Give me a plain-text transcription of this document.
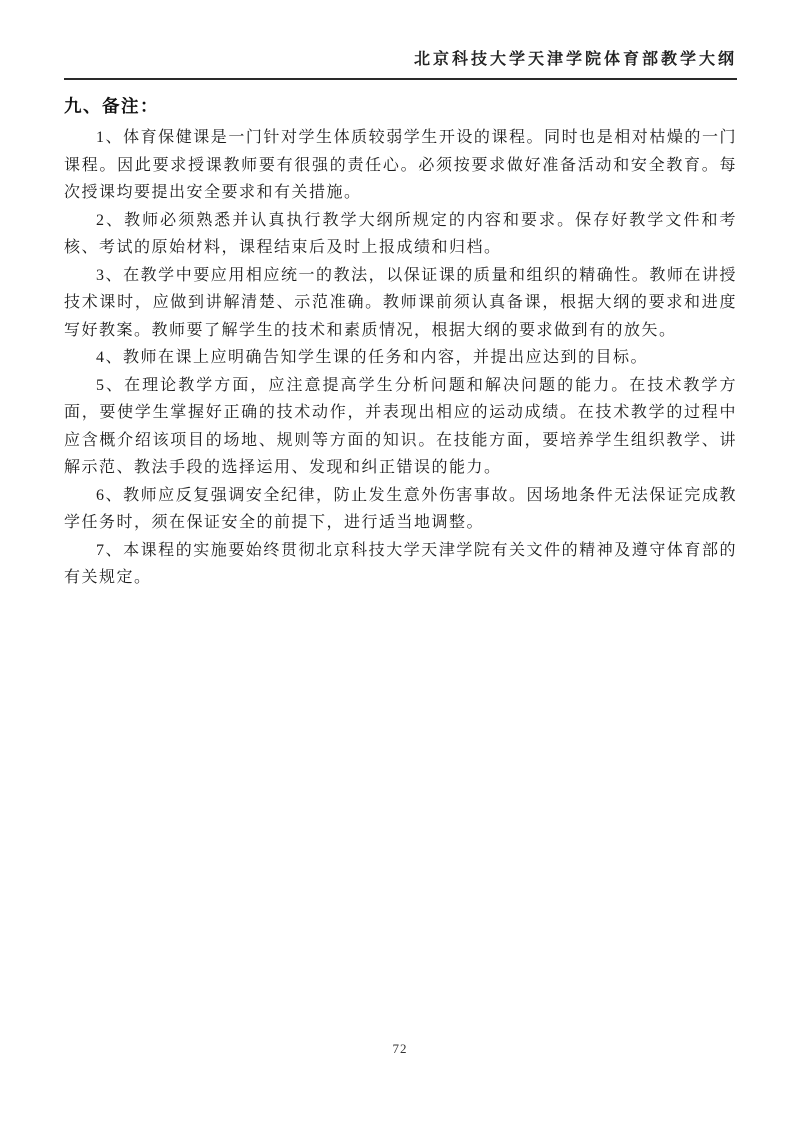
北京科技大学天津学院体育部教学大纲
九、备注：

1、体育保健课是一门针对学生体质较弱学生开设的课程。同时也是相对枯燥的一门课程。因此要求授课教师要有很强的责任心。必须按要求做好准备活动和安全教育。每次授课均要提出安全要求和有关措施。

2、教师必须熟悉并认真执行教学大纲所规定的内容和要求。保存好教学文件和考核、考试的原始材料，课程结束后及时上报成绩和归档。

3、在教学中要应用相应统一的教法，以保证课的质量和组织的精确性。教师在讲授技术课时，应做到讲解清楚、示范准确。教师课前须认真备课，根据大纲的要求和进度写好教案。教师要了解学生的技术和素质情况，根据大纲的要求做到有的放矢。

4、教师在课上应明确告知学生课的任务和内容，并提出应达到的目标。

5、在理论教学方面，应注意提高学生分析问题和解决问题的能力。在技术教学方面，要使学生掌握好正确的技术动作，并表现出相应的运动成绩。在技术教学的过程中应含概介绍该项目的场地、规则等方面的知识。在技能方面，要培养学生组织教学、讲解示范、教法手段的选择运用、发现和纠正错误的能力。

6、教师应反复强调安全纪律，防止发生意外伤害事故。因场地条件无法保证完成教学任务时，须在保证安全的前提下，进行适当地调整。

7、本课程的实施要始终贯彻北京科技大学天津学院有关文件的精神及遵守体育部的有关规定。

72
